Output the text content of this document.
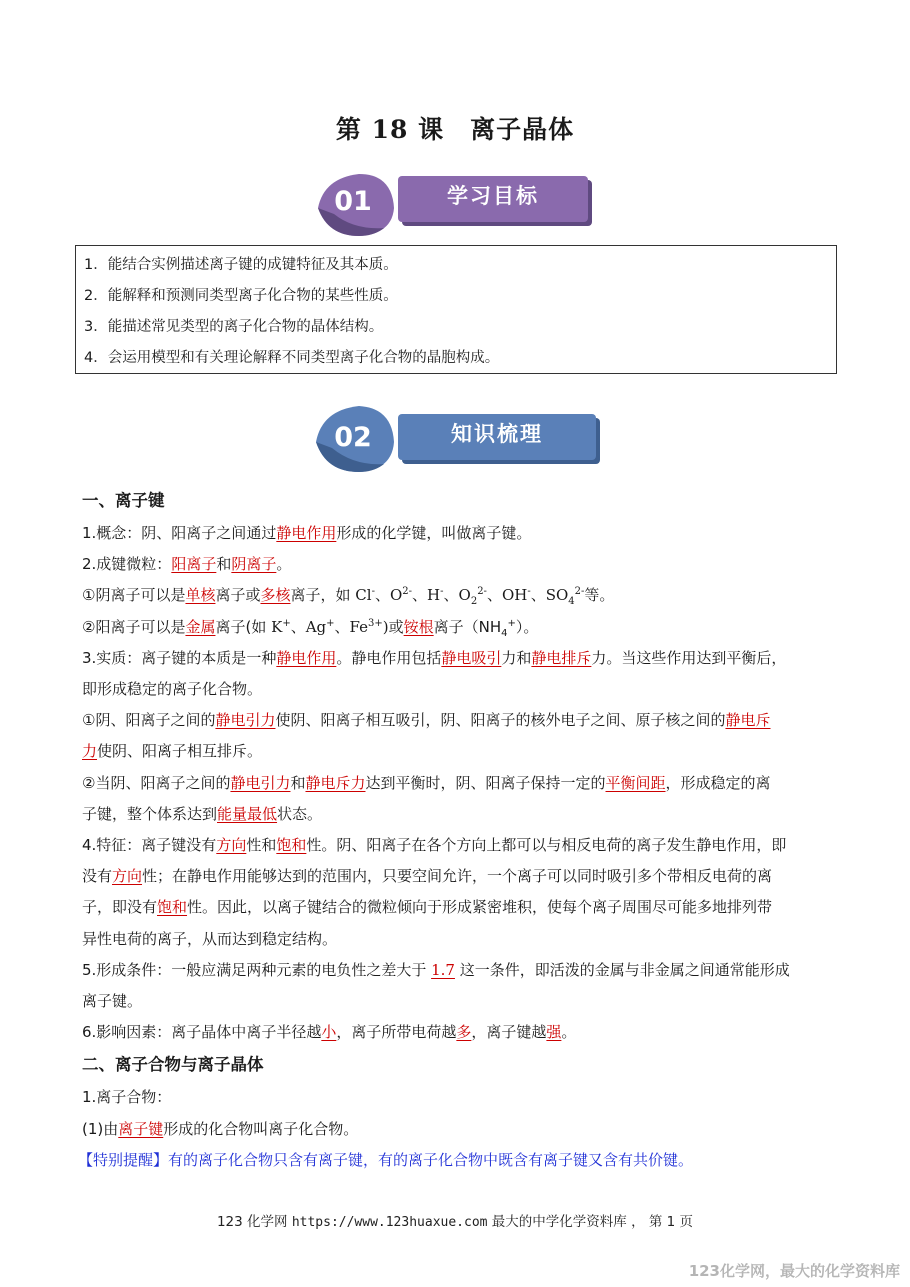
第 18 课　离子晶体
01	学习目标
1．能结合实例描述离子键的成键特征及其本质。
2．能解释和预测同类型离子化合物的某些性质。
3．能描述常见类型的离子化合物的晶体结构。
4．会运用模型和有关理论解释不同类型离子化合物的晶胞构成。
02	知识梳理
一、离子键
1.概念：阴、阳离子之间通过静电作用形成的化学键，叫做离子键。
2.成键微粒：阳离子和阴离子。
①阴离子可以是单核离子或多核离子，如 Cl-、$O^{2-}$、H-、$O_2^{2-}$、OH-、$SO_4^{2-}$等。
②阳离子可以是金属离子(如 K+、Ag+、$Fe^{3+}$)或铵根离子$(NH_4^+)$。
3.实质：离子键的本质是一种静电作用。静电作用包括静电吸引力和静电排斥力。当这些作用达到平衡后，
即形成稳定的离子化合物。
①阴、阳离子之间的静电引力使阴、阳离子相互吸引，阴、阳离子的核外电子之间、原子核之间的静电斥
力使阴、阳离子相互排斥。
②当阴、阳离子之间的静电引力和静电斥力达到平衡时，阴、阳离子保持一定的平衡间距，形成稳定的离
子键，整个体系达到能量最低状态。
4.特征：离子键没有方向性和饱和性。阴、阳离子在各个方向上都可以与相反电荷的离子发生静电作用，即
没有方向性；在静电作用能够达到的范围内，只要空间允许，一个离子可以同时吸引多个带相反电荷的离
子，即没有饱和性。因此，以离子键结合的微粒倾向于形成紧密堆积，使每个离子周围尽可能多地排列带
异性电荷的离子，从而达到稳定结构。
5.形成条件：一般应满足两种元素的电负性之差大于 1.7 这一条件，即活泼的金属与非金属之间通常能形成
离子键。
6.影响因素：离子晶体中离子半径越小，离子所带电荷越多，离子键越强。
二、离子合物与离子晶体
1.离子合物：
(1)由离子键形成的化合物叫离子化合物。
【特别提醒】有的离子化合物只含有离子键，有的离子化合物中既含有离子键又含有共价键。
123 化学网 https://www.123huaxue.com 最大的中学化学资料库 ， 第 1 页
123化学网，最大的化学资料库
